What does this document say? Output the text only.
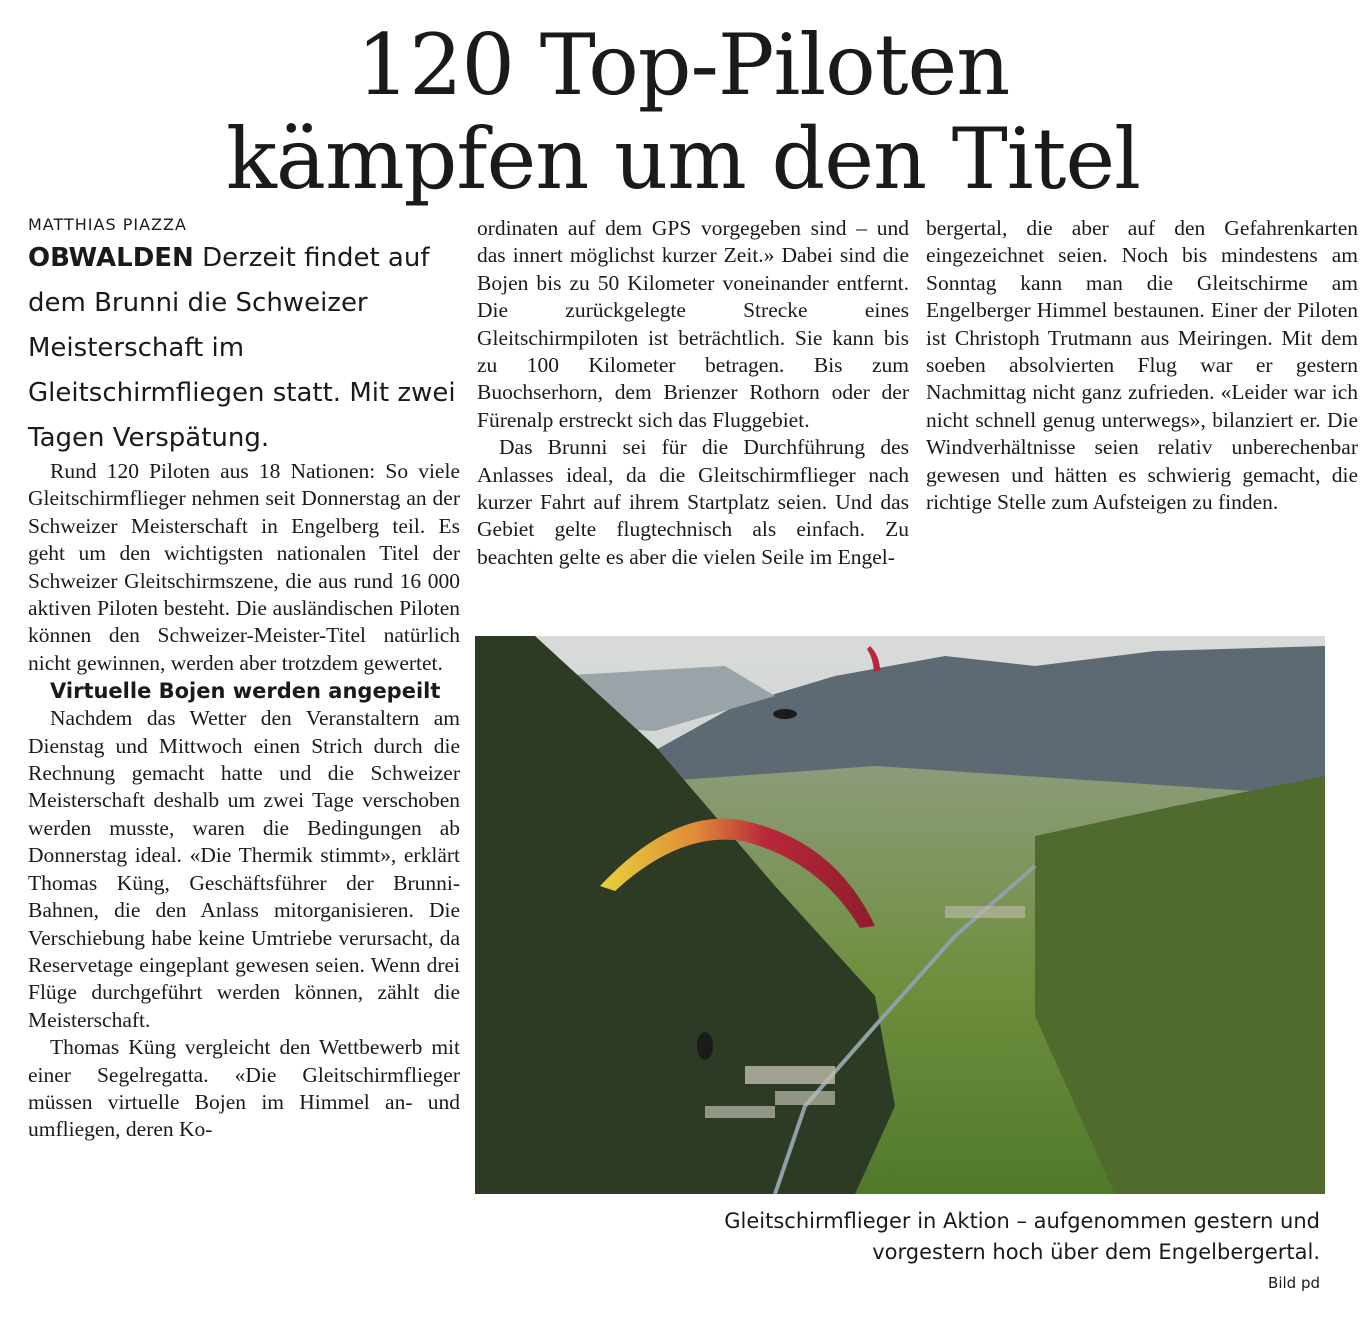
120 Top-Piloten
kämpfen um den Titel
MATTHIAS PIAZZA

OBWALDEN Derzeit findet auf dem Brunni die Schweizer Meisterschaft im Gleitschirmfliegen statt. Mit zwei Tagen Verspätung.

Rund 120 Piloten aus 18 Nationen: So viele Gleitschirmflieger nehmen seit Donnerstag an der Schweizer Meisterschaft in Engelberg teil. Es geht um den wichtigsten nationalen Titel der Schweizer Gleitschirmszene, die aus rund 16 000 aktiven Piloten besteht. Die ausländischen Piloten können den Schweizer-Meister-Titel natürlich nicht gewinnen, werden aber trotzdem gewertet.

Virtuelle Bojen werden angepeilt

Nachdem das Wetter den Veranstaltern am Dienstag und Mittwoch einen Strich durch die Rechnung gemacht hatte und die Schweizer Meisterschaft deshalb um zwei Tage verschoben werden musste, waren die Bedingungen ab Donnerstag ideal. «Die Thermik stimmt», erklärt Thomas Küng, Geschäftsführer der Brunni-Bahnen, die den Anlass mitorganisieren. Die Verschiebung habe keine Umtriebe verursacht, da Reservetage eingeplant gewesen seien. Wenn drei Flüge durchgeführt werden können, zählt die Meisterschaft.

Thomas Küng vergleicht den Wettbewerb mit einer Segelregatta. «Die Gleitschirmflieger müssen virtuelle Bojen im Himmel an- und umfliegen, deren Ko-

ordinaten auf dem GPS vorgegeben sind – und das innert möglichst kurzer Zeit.» Dabei sind die Bojen bis zu 50 Kilometer voneinander entfernt. Die zurückgelegte Strecke eines Gleitschirmpiloten ist beträchtlich. Sie kann bis zu 100 Kilometer betragen. Bis zum Buochserhorn, dem Brienzer Rothorn oder der Fürenalp erstreckt sich das Fluggebiet.

Das Brunni sei für die Durchführung des Anlasses ideal, da die Gleitschirmflieger nach kurzer Fahrt auf ihrem Startplatz seien. Und das Gebiet gelte flugtechnisch als einfach. Zu beachten gelte es aber die vielen Seile im Engel-

bergertal, die aber auf den Gefahrenkarten eingezeichnet seien. Noch bis mindestens am Sonntag kann man die Gleitschirme am Engelberger Himmel bestaunen. Einer der Piloten ist Christoph Trutmann aus Meiringen. Mit dem soeben absolvierten Flug war er gestern Nachmittag nicht ganz zufrieden. «Leider war ich nicht schnell genug unterwegs», bilanziert er. Die Windverhältnisse seien relativ unberechenbar gewesen und hätten es schwierig gemacht, die richtige Stelle zum Aufsteigen zu finden.

Gleitschirmflieger in Aktion – aufgenommen gestern und vorgestern hoch über dem Engelbergertal.

Bild pd
